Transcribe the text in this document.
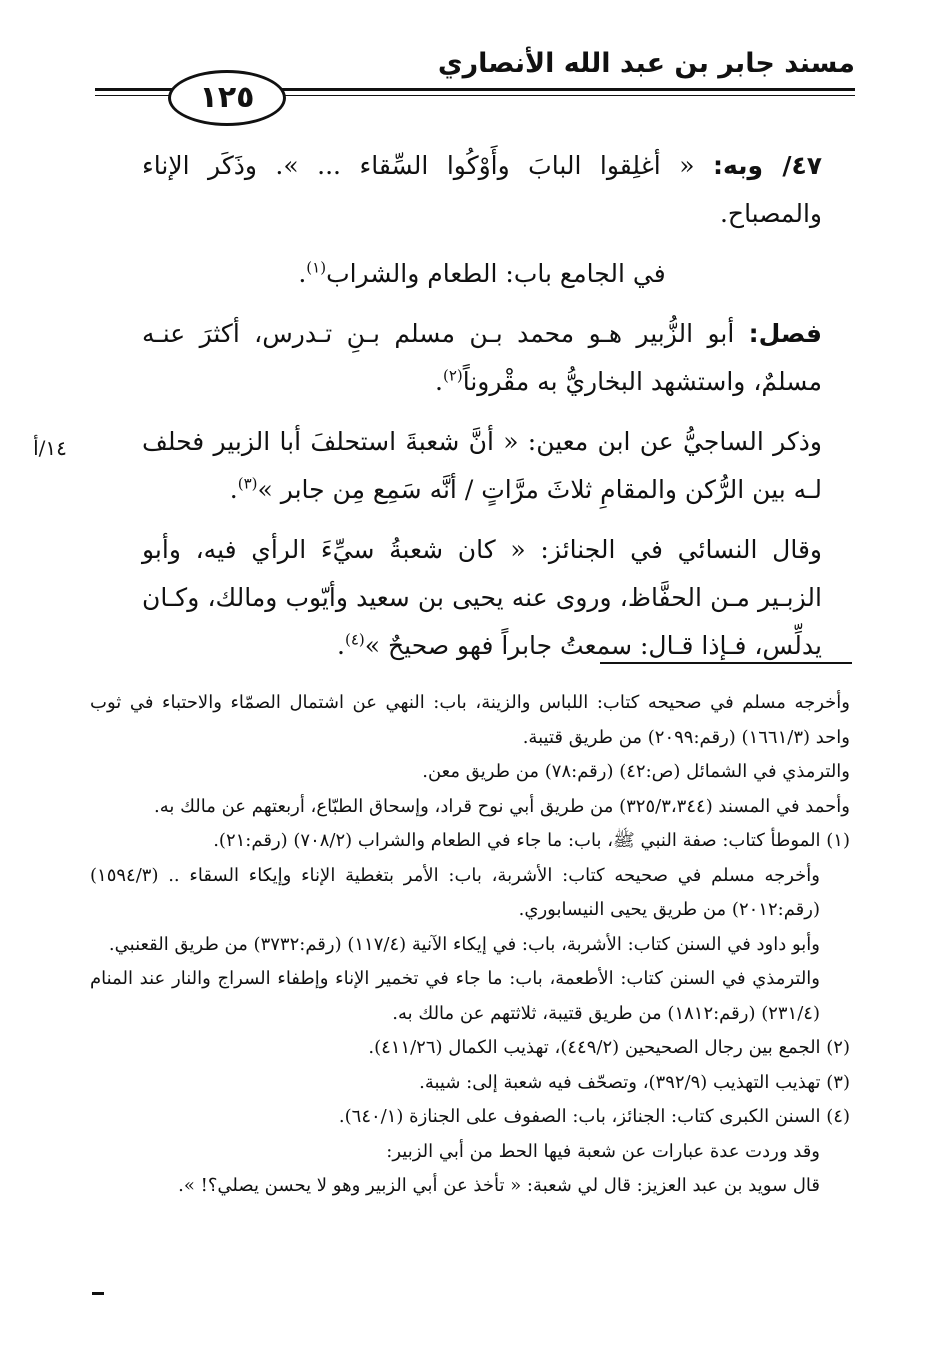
مسند جابر بن عبد الله الأنصاري
١٢٥
١٤/أ

٤٧/ وبه: « أغلِقوا البابَ وأَوْكُوا السِّقاء ... ». وذَكَر الإناء والمصباح.

في الجامع باب: الطعام والشراب$^{(١)}$.

فصل: أبو الزُّبير هـو محمد بـن مسلم بـنِ تـدرس، أكثرَ عنـه مسلمٌ، واستشهد البخاريُّ به مقْروناً$^{(٢)}$.

وذكر الساجيُّ عن ابن معين: « أنَّ شعبةَ استحلفَ أبا الزبير فحلف لـه بين الرُّكن والمقامِ ثلاثَ مرَّاتٍ / أنَّه سَمِع مِن جابر »$^{(٣)}$.

وقال النسائي في الجنائز: « كان شعبةُ سيِّءَ الرأي فيه، وأبو الزبـير مـن الحفَّاظ، وروى عنه يحيى بن سعيد وأيّوب ومالك، وكـان يدلِّس، فـإذا قـال: سمعتُ جابراً فهو صحيحٌ »$^{(٤)}$.

وأخرجه مسلم في صحيحه كتاب: اللباس والزينة، باب: النهي عن اشتمال الصمّاء والاحتباء في ثوب واحد (١٦٦١/٣) (رقم:٢٠٩٩) من طريق قتيبة.

والترمذي في الشمائل (ص:٤٢) (رقم:٧٨) من طريق معن.

وأحمد في المسند (٣٢٥/٣،٣٤٤) من طريق أبي نوح قراد، وإسحاق الطبّاع، أربعتهم عن مالك به.

(١) الموطأ كتاب: صفة النبي ﷺ، باب: ما جاء في الطعام والشراب (٧٠٨/٢) (رقم:٢١).

وأخرجه مسلم في صحيحه كتاب: الأشربة، باب: الأمر بتغطية الإناء وإيكاء السقاء .. (١٥٩٤/٣) (رقم:٢٠١٢) من طريق يحيى النيسابوري.

وأبو داود في السنن كتاب: الأشربة، باب: في إيكاء الآنية (١١٧/٤) (رقم:٣٧٣٢) من طريق القعنبي.

والترمذي في السنن كتاب: الأطعمة، باب: ما جاء في تخمير الإناء وإطفاء السراج والنار عند المنام (٢٣١/٤) (رقم:١٨١٢) من طريق قتيبة، ثلاثتهم عن مالك به.

(٢) الجمع بين رجال الصحيحين (٤٤٩/٢)، تهذيب الكمال (٤١١/٢٦).

(٣) تهذيب التهذيب (٣٩٢/٩)، وتصحّف فيه شعبة إلى: شيبة.

(٤) السنن الكبرى كتاب: الجنائز، باب: الصفوف على الجنازة (٦٤٠/١).

وقد وردت عدة عبارات عن شعبة فيها الحط من أبي الزبير:

قال سويد بن عبد العزيز: قال لي شعبة: « تأخذ عن أبي الزبير وهو لا يحسن يصلي؟! ».
